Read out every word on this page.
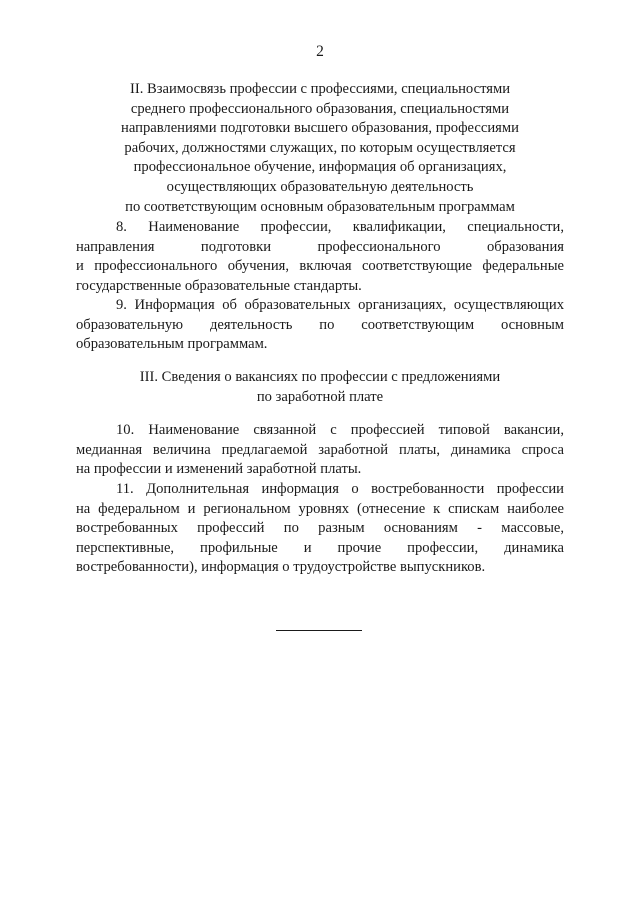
2
II. Взаимосвязь профессии с профессиями, специальностями
среднего профессионального образования, специальностями
направлениями подготовки высшего образования, профессиями
рабочих, должностями служащих, по которым осуществляется
профессиональное обучение, информация об организациях,
осуществляющих образовательную деятельность
по соответствующим основным образовательным программам
8. Наименование профессии, квалификации, специальности,
направления подготовки профессионального образования
и профессионального обучения, включая соответствующие федеральные
государственные образовательные стандарты.
9. Информация об образовательных организациях, осуществляющих
образовательную деятельность по соответствующим основным
образовательным программам.
III. Сведения о вакансиях по профессии с предложениями
по заработной плате
10. Наименование связанной с профессией типовой вакансии,
медианная величина предлагаемой заработной платы, динамика спроса
на профессии и изменений заработной платы.
11. Дополнительная информация о востребованности профессии
на федеральном и региональном уровнях (отнесение к спискам наиболее
востребованных профессий по разным основаниям - массовые,
перспективные, профильные и прочие профессии, динамика
востребованности), информация о трудоустройстве выпускников.
